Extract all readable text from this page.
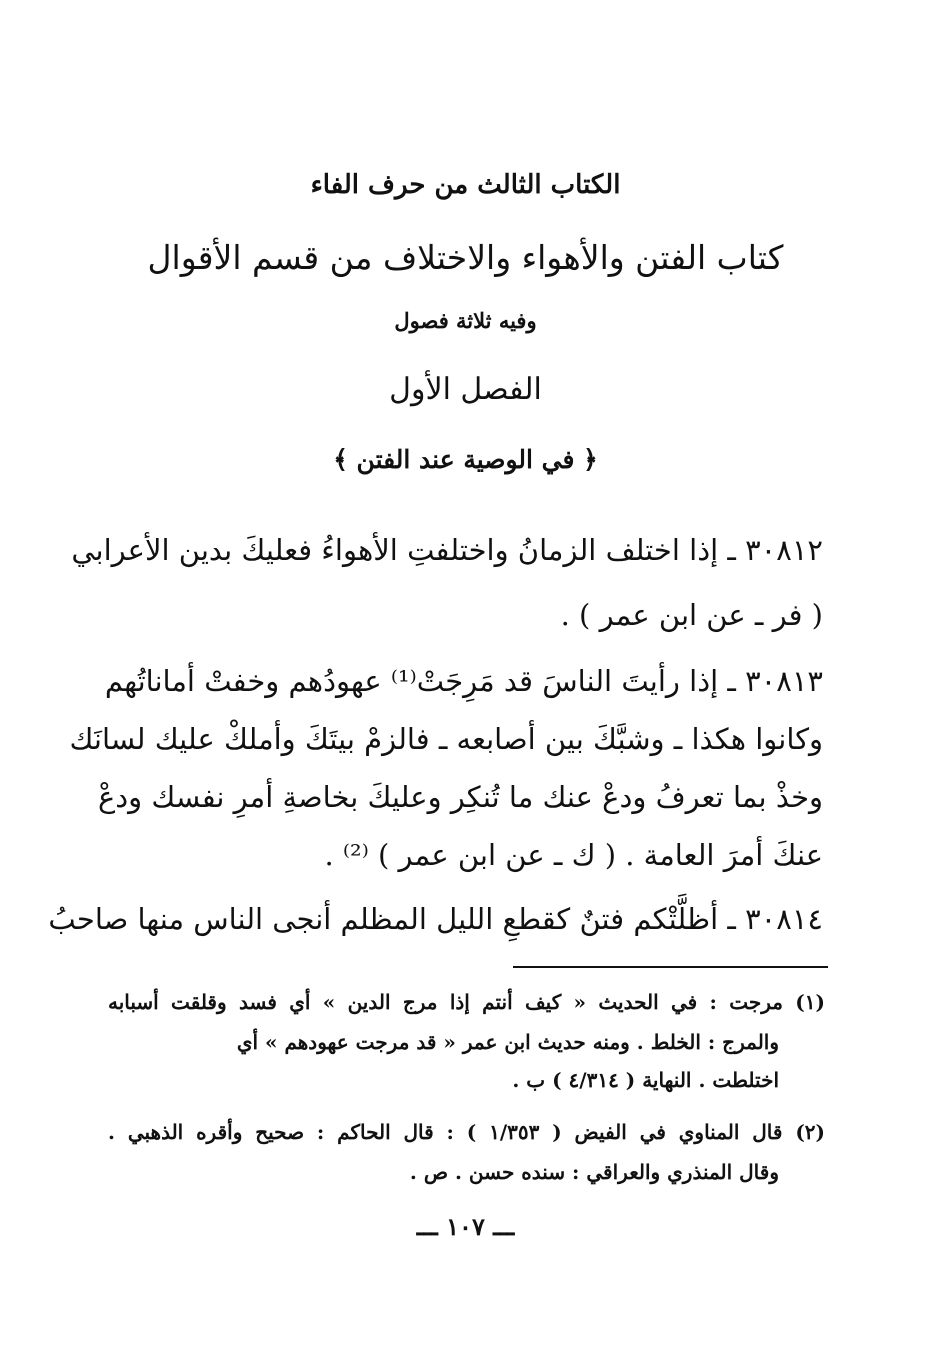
الكتاب الثالث من حرف الفاء
كتاب الفتن والأهواء والاختلاف من قسم الأقوال
وفيه ثلاثة فصول
الفصل الأول
﴿ في الوصية عند الفتن ﴾
٣٠٨١٢ ـ إذا اختلف الزمانُ واختلفتِ الأهواءُ فعليكَ بدين الأعرابي
( فر ـ عن ابن عمر ) .
٣٠٨١٣ ـ إذا رأيتَ الناسَ قد مَرِجَتْ⁽¹⁾ عهودُهم وخفتْ أماناتُهم
وكانوا هكذا ـ وشبَّكَ بين أصابعه ـ فالزمْ بيتَكَ وأملكْ عليك لسانَك
وخذْ بما تعرفُ ودعْ عنك ما تُنكِر وعليكَ بخاصةِ أمرِ نفسك ودعْ
عنكَ أمرَ العامة . ( ك ـ عن ابن عمر ) ⁽²⁾ .
٣٠٨١٤ ـ أظلَّتْكم فتنٌ كقطعِ الليل المظلم أنجى الناس منها صاحبُ
(١) مرجت : في الحديث « كيف أنتم إذا مرج الدين » أي فسد وقلقت أسبابه
والمرج : الخلط . ومنه حديث ابن عمر « قد مرجت عهودهم » أي
اختلطت . النهاية ( ٤/٣١٤ ) ب .
(٢) قال المناوي في الفيض ( ١/٣٥٣ ) : قال الحاكم : صحيح وأقره الذهبي .
وقال المنذري والعراقي : سنده حسن . ص .
ـــ ١٠٧ ـــ
